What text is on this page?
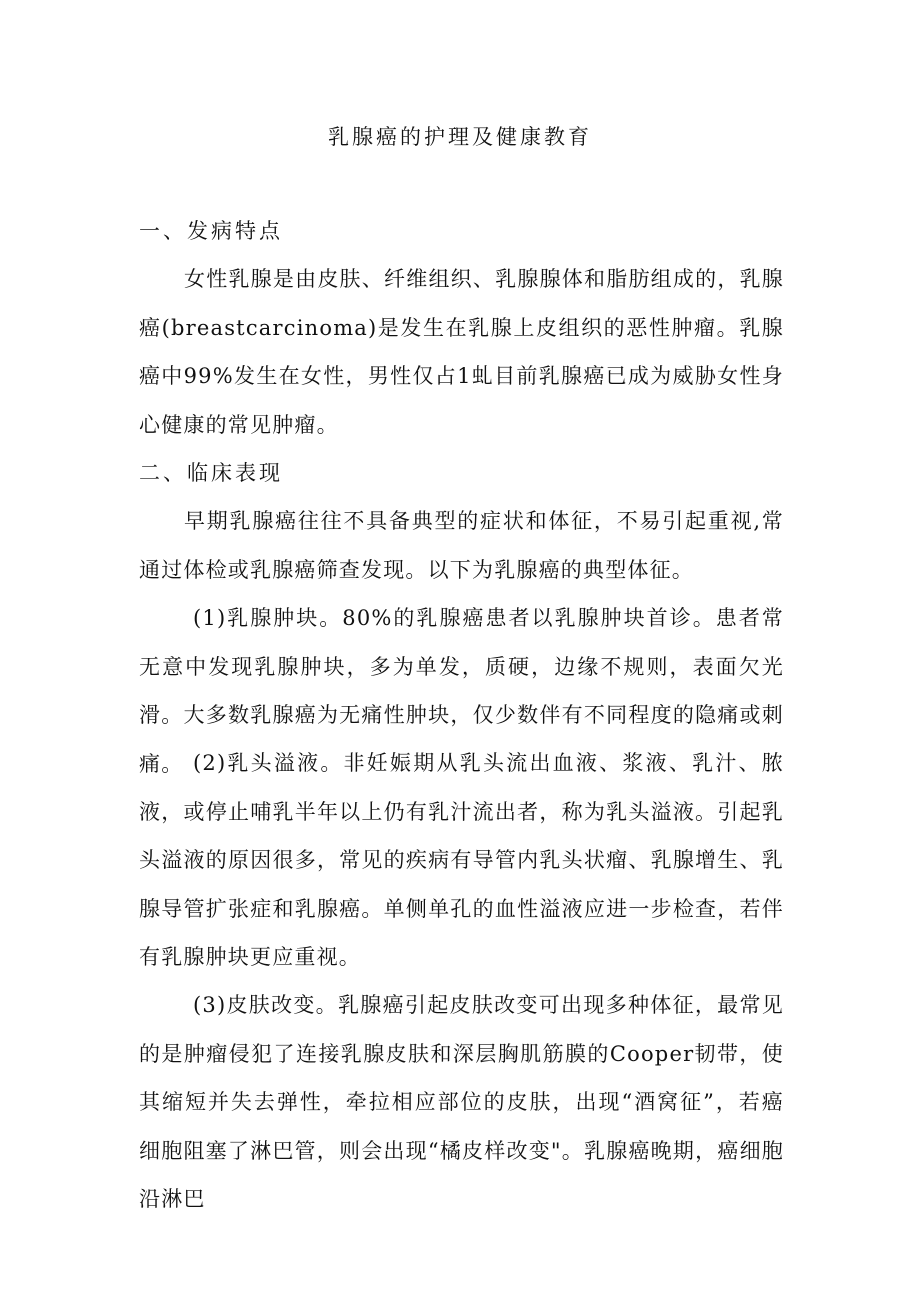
乳腺癌的护理及健康教育

一、发病特点

女性乳腺是由皮肤、纤维组织、乳腺腺体和脂肪组成的，乳腺癌(breastcarcinoma)是发生在乳腺上皮组织的恶性肿瘤。乳腺癌中99%发生在女性，男性仅占1虬目前乳腺癌已成为威胁女性身心健康的常见肿瘤。

二、临床表现

早期乳腺癌往往不具备典型的症状和体征，不易引起重视,常通过体检或乳腺癌筛查发现。以下为乳腺癌的典型体征。

(1)乳腺肿块。80%的乳腺癌患者以乳腺肿块首诊。患者常无意中发现乳腺肿块，多为单发，质硬，边缘不规则，表面欠光滑。大多数乳腺癌为无痛性肿块，仅少数伴有不同程度的隐痛或刺痛。 (2)乳头溢液。非妊娠期从乳头流出血液、浆液、乳汁、脓液，或停止哺乳半年以上仍有乳汁流出者，称为乳头溢液。引起乳头溢液的原因很多，常见的疾病有导管内乳头状瘤、乳腺增生、乳腺导管扩张症和乳腺癌。单侧单孔的血性溢液应进一步检查，若伴有乳腺肿块更应重视。

(3)皮肤改变。乳腺癌引起皮肤改变可出现多种体征，最常见的是肿瘤侵犯了连接乳腺皮肤和深层胸肌筋膜的Cooper韧带，使其缩短并失去弹性，牵拉相应部位的皮肤，出现“酒窝征”，若癌细胞阻塞了淋巴管，则会出现“橘皮样改变"。乳腺癌晚期，癌细胞沿淋巴
